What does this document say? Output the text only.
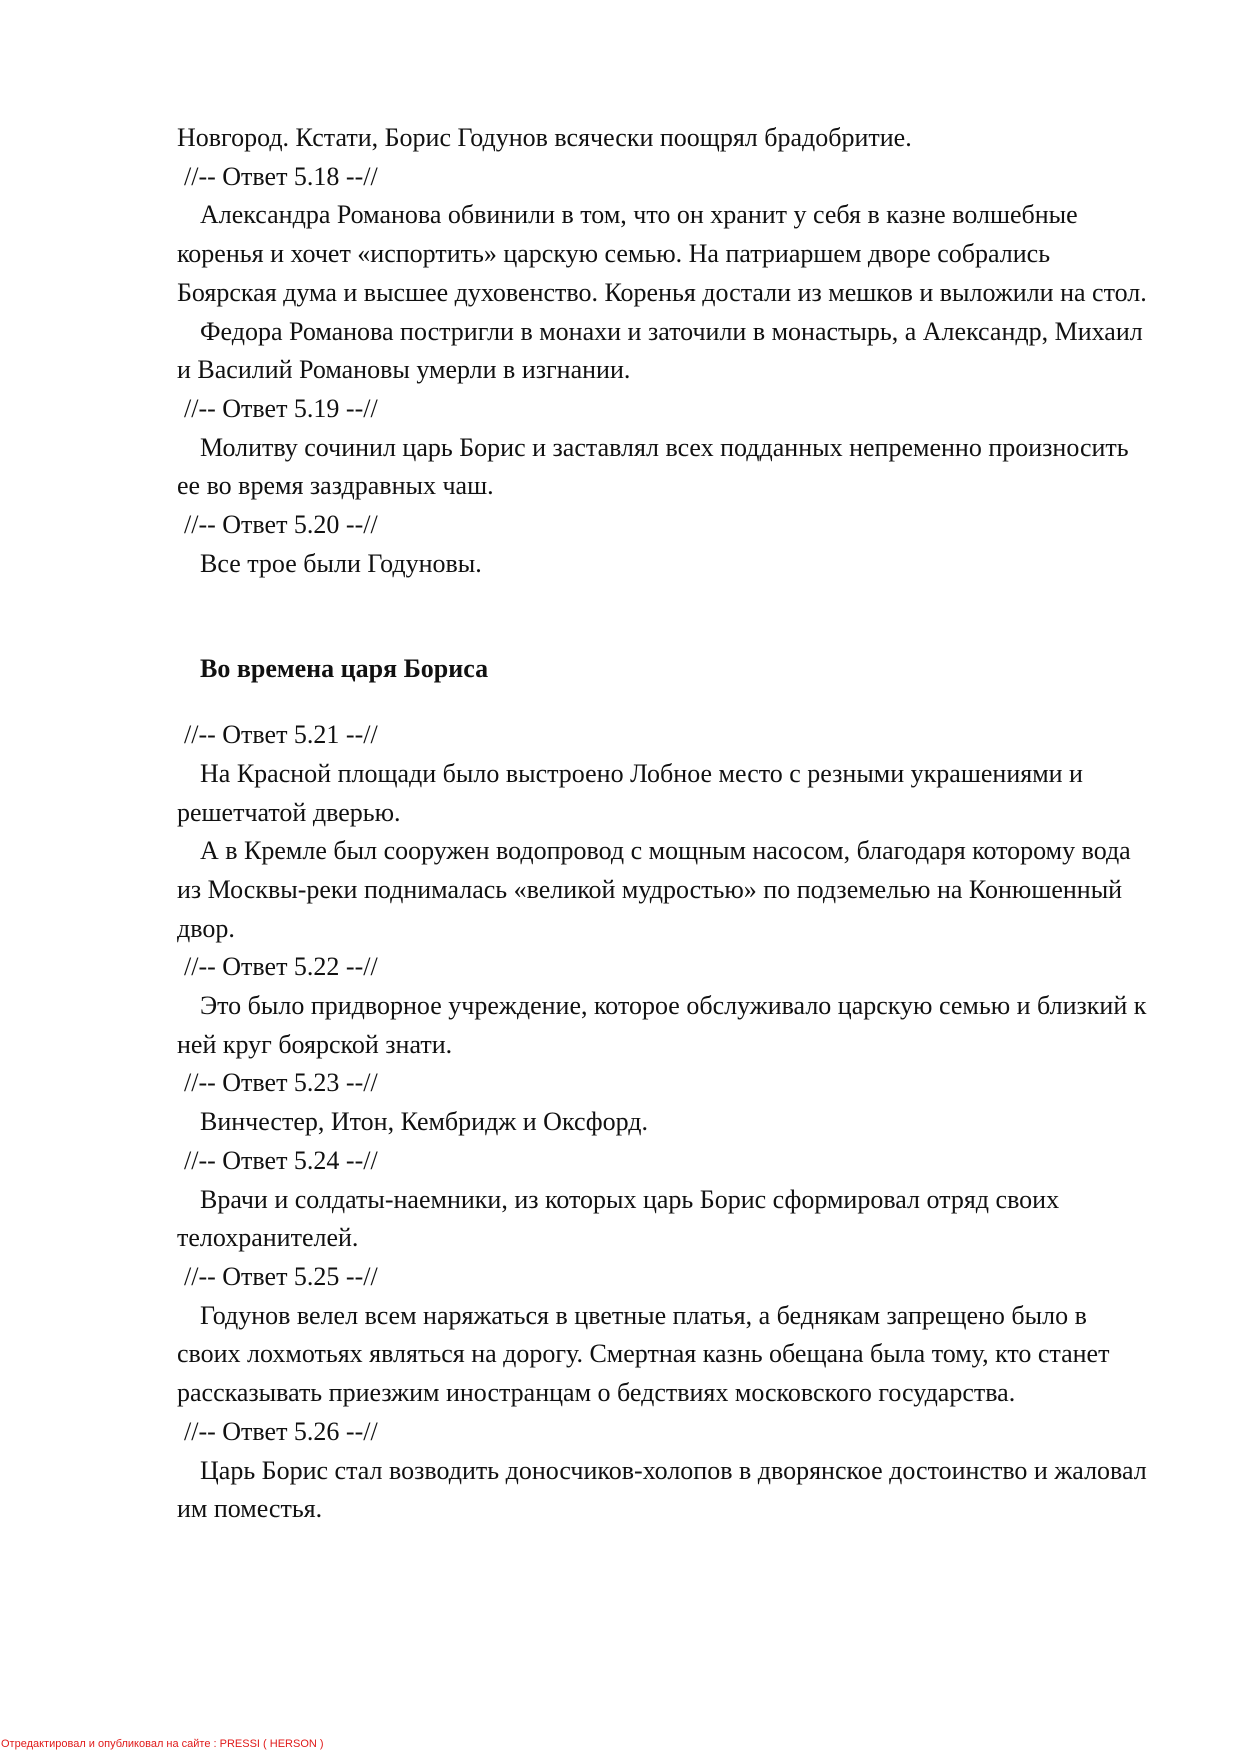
Новгород. Кстати, Борис Годунов всячески поощрял брадобритие.

//-- Ответ 5.18 --//

Александра Романова обвинили в том, что он хранит у себя в казне волшебные коренья и хочет «испортить» царскую семью. На патриаршем дворе собрались Боярская дума и высшее духовенство. Коренья достали из мешков и выложили на стол.

Федора Романова постригли в монахи и заточили в монастырь, а Александр, Михаил и Василий Романовы умерли в изгнании.

//-- Ответ 5.19 --//

Молитву сочинил царь Борис и заставлял всех подданных непременно произносить ее во время заздравных чаш.

//-- Ответ 5.20 --//

Все трое были Годуновы.

Во времена царя Бориса

//-- Ответ 5.21 --//

На Красной площади было выстроено Лобное место с резными украшениями и решетчатой дверью.

А в Кремле был сооружен водопровод с мощным насосом, благодаря которому вода из Москвы-реки поднималась «великой мудростью» по подземелью на Конюшенный двор.

//-- Ответ 5.22 --//

Это было придворное учреждение, которое обслуживало царскую семью и близкий к ней круг боярской знати.

//-- Ответ 5.23 --//

Винчестер, Итон, Кембридж и Оксфорд.

//-- Ответ 5.24 --//

Врачи и солдаты-наемники, из которых царь Борис сформировал отряд своих телохранителей.

//-- Ответ 5.25 --//

Годунов велел всем наряжаться в цветные платья, а беднякам запрещено было в своих лохмотьях являться на дорогу. Смертная казнь обещана была тому, кто станет рассказывать приезжим иностранцам о бедствиях московского государства.

//-- Ответ 5.26 --//

Царь Борис стал возводить доносчиков-холопов в дворянское достоинство и жаловал им поместья.

Отредактировал и опубликовал на сайте : PRESSI ( HERSON )
